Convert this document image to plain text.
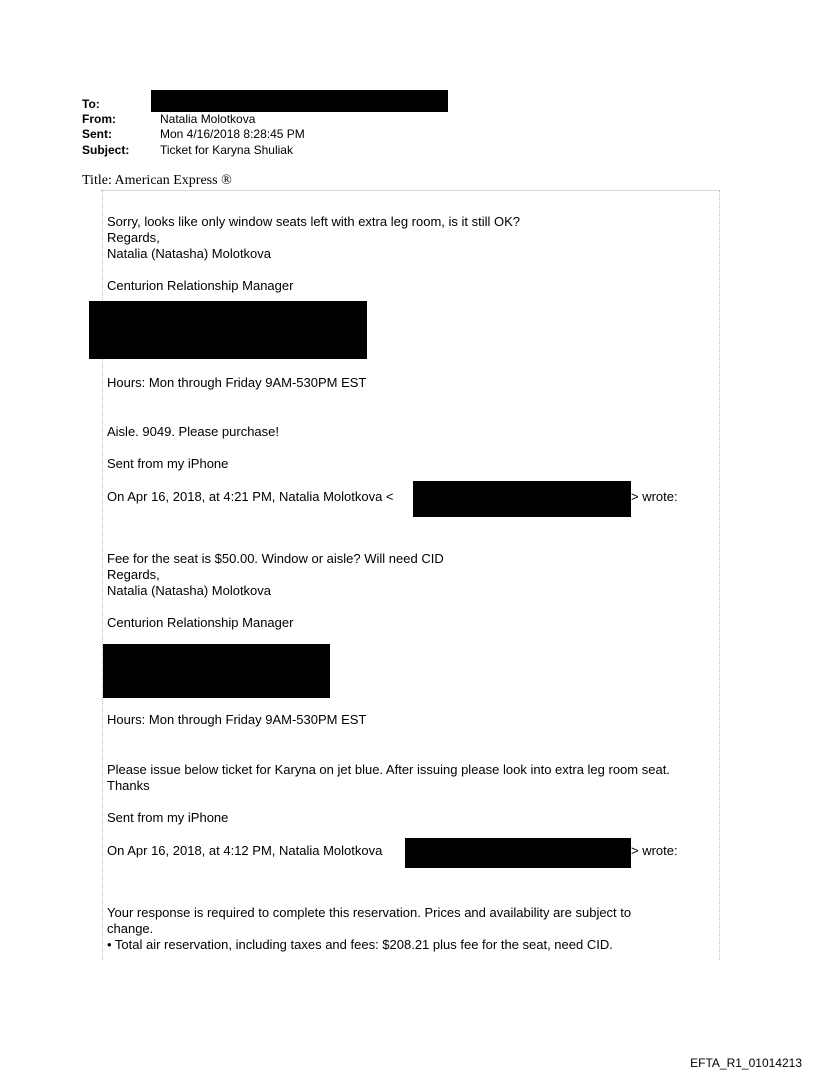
To:
From:	Natalia Molotkova
Sent:	Mon 4/16/2018 8:28:45 PM
Subject:	Ticket for Karyna Shuliak
Title: American Express ®
Sorry, looks like only window seats left with extra leg room, is it still OK?
Regards,
Natalia (Natasha) Molotkova
Centurion Relationship Manager
Hours: Mon through Friday 9AM-530PM EST
Aisle. 9049. Please purchase!
Sent from my iPhone
On Apr 16, 2018, at 4:21 PM, Natalia Molotkova <	> wrote:
Fee for the seat is $50.00. Window or aisle? Will need CID
Regards,
Natalia (Natasha) Molotkova
Centurion Relationship Manager
Hours: Mon through Friday 9AM-530PM EST
Please issue below ticket for Karyna on jet blue. After issuing please look into extra leg room seat.
Thanks
Sent from my iPhone
On Apr 16, 2018, at 4:12 PM, Natalia Molotkova	> wrote:
Your response is required to complete this reservation. Prices and availability are subject to
change.
• Total air reservation, including taxes and fees: $208.21 plus fee for the seat, need CID.
EFTA_R1_01014213
